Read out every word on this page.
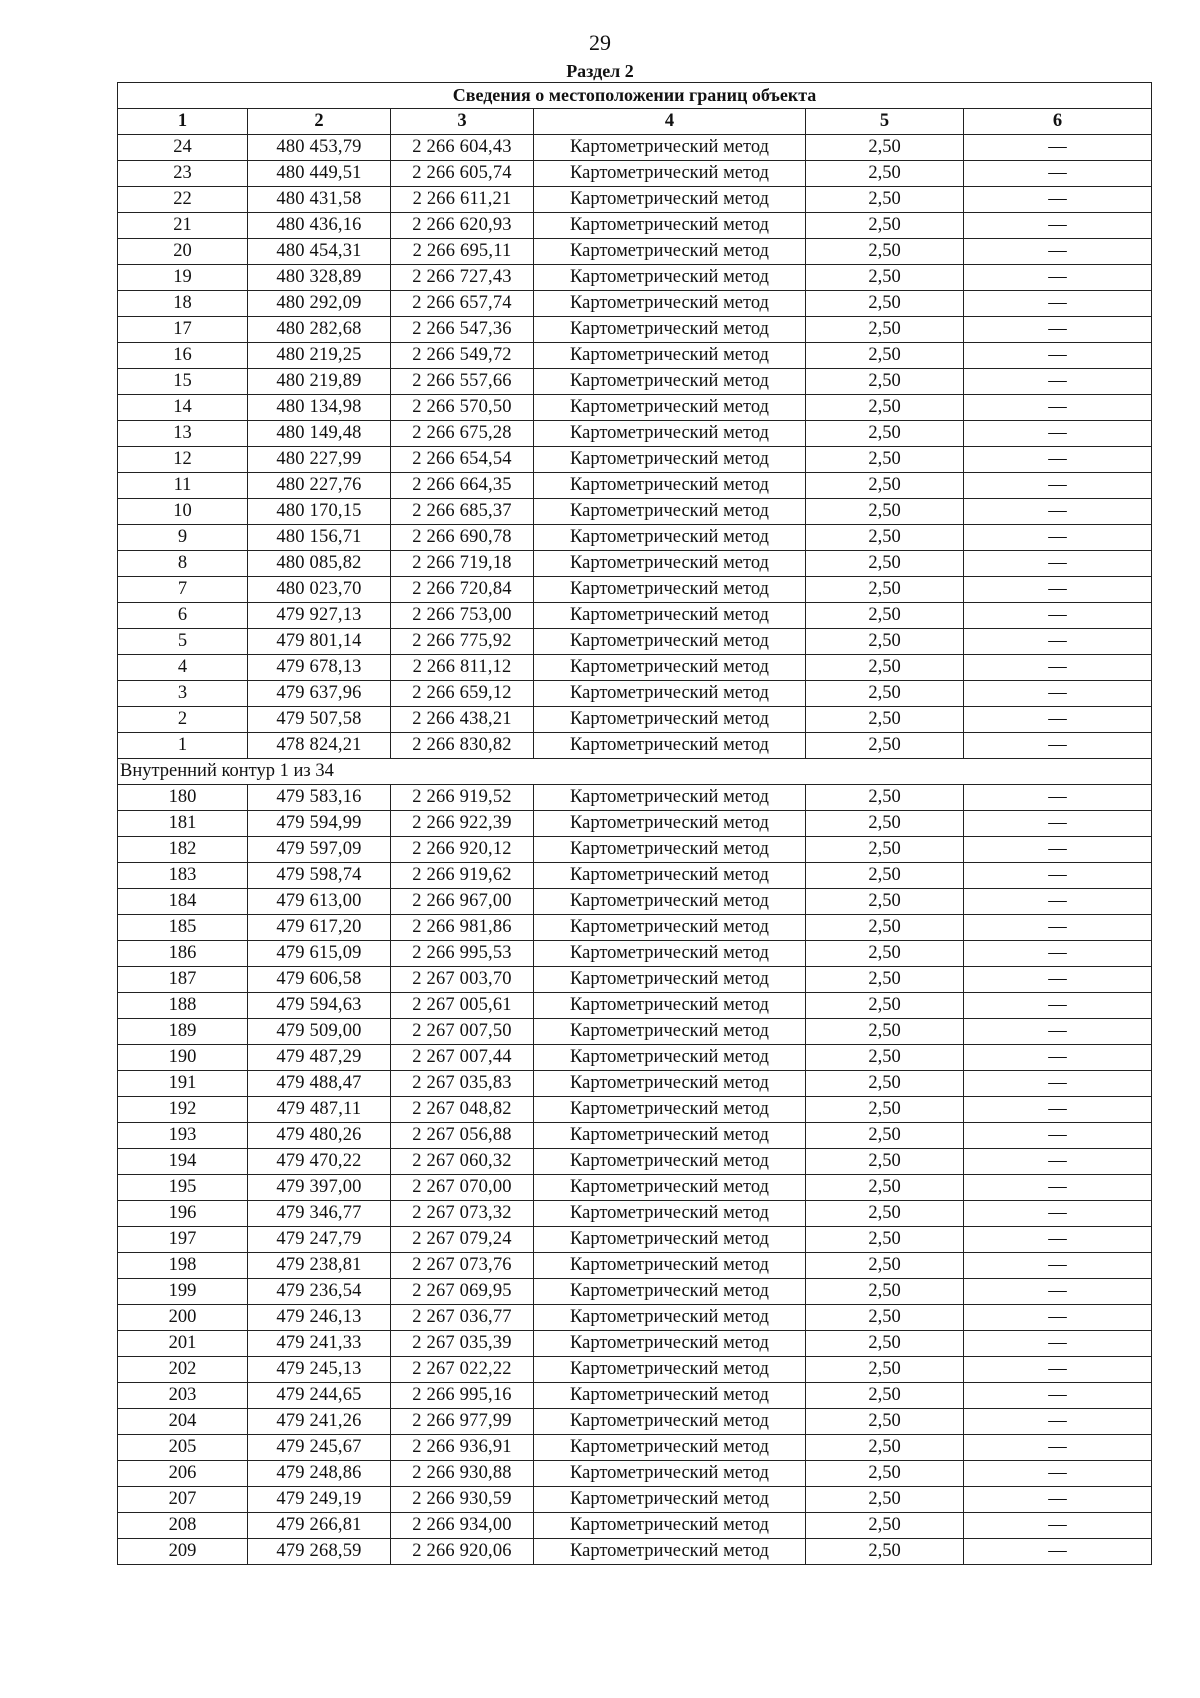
29
Раздел 2
Сведения о местоположении границ объекта					
1	2	3	4	5	6
24	480 453,79	2 266 604,43	Картометрический метод	2,50	—
23	480 449,51	2 266 605,74	Картометрический метод	2,50	—
22	480 431,58	2 266 611,21	Картометрический метод	2,50	—
21	480 436,16	2 266 620,93	Картометрический метод	2,50	—
20	480 454,31	2 266 695,11	Картометрический метод	2,50	—
19	480 328,89	2 266 727,43	Картометрический метод	2,50	—
18	480 292,09	2 266 657,74	Картометрический метод	2,50	—
17	480 282,68	2 266 547,36	Картометрический метод	2,50	—
16	480 219,25	2 266 549,72	Картометрический метод	2,50	—
15	480 219,89	2 266 557,66	Картометрический метод	2,50	—
14	480 134,98	2 266 570,50	Картометрический метод	2,50	—
13	480 149,48	2 266 675,28	Картометрический метод	2,50	—
12	480 227,99	2 266 654,54	Картометрический метод	2,50	—
11	480 227,76	2 266 664,35	Картометрический метод	2,50	—
10	480 170,15	2 266 685,37	Картометрический метод	2,50	—
9	480 156,71	2 266 690,78	Картометрический метод	2,50	—
8	480 085,82	2 266 719,18	Картометрический метод	2,50	—
7	480 023,70	2 266 720,84	Картометрический метод	2,50	—
6	479 927,13	2 266 753,00	Картометрический метод	2,50	—
5	479 801,14	2 266 775,92	Картометрический метод	2,50	—
4	479 678,13	2 266 811,12	Картометрический метод	2,50	—
3	479 637,96	2 266 659,12	Картометрический метод	2,50	—
2	479 507,58	2 266 438,21	Картометрический метод	2,50	—
1	478 824,21	2 266 830,82	Картометрический метод	2,50	—
Внутренний контур 1 из 34					
180	479 583,16	2 266 919,52	Картометрический метод	2,50	—
181	479 594,99	2 266 922,39	Картометрический метод	2,50	—
182	479 597,09	2 266 920,12	Картометрический метод	2,50	—
183	479 598,74	2 266 919,62	Картометрический метод	2,50	—
184	479 613,00	2 266 967,00	Картометрический метод	2,50	—
185	479 617,20	2 266 981,86	Картометрический метод	2,50	—
186	479 615,09	2 266 995,53	Картометрический метод	2,50	—
187	479 606,58	2 267 003,70	Картометрический метод	2,50	—
188	479 594,63	2 267 005,61	Картометрический метод	2,50	—
189	479 509,00	2 267 007,50	Картометрический метод	2,50	—
190	479 487,29	2 267 007,44	Картометрический метод	2,50	—
191	479 488,47	2 267 035,83	Картометрический метод	2,50	—
192	479 487,11	2 267 048,82	Картометрический метод	2,50	—
193	479 480,26	2 267 056,88	Картометрический метод	2,50	—
194	479 470,22	2 267 060,32	Картометрический метод	2,50	—
195	479 397,00	2 267 070,00	Картометрический метод	2,50	—
196	479 346,77	2 267 073,32	Картометрический метод	2,50	—
197	479 247,79	2 267 079,24	Картометрический метод	2,50	—
198	479 238,81	2 267 073,76	Картометрический метод	2,50	—
199	479 236,54	2 267 069,95	Картометрический метод	2,50	—
200	479 246,13	2 267 036,77	Картометрический метод	2,50	—
201	479 241,33	2 267 035,39	Картометрический метод	2,50	—
202	479 245,13	2 267 022,22	Картометрический метод	2,50	—
203	479 244,65	2 266 995,16	Картометрический метод	2,50	—
204	479 241,26	2 266 977,99	Картометрический метод	2,50	—
205	479 245,67	2 266 936,91	Картометрический метод	2,50	—
206	479 248,86	2 266 930,88	Картометрический метод	2,50	—
207	479 249,19	2 266 930,59	Картометрический метод	2,50	—
208	479 266,81	2 266 934,00	Картометрический метод	2,50	—
209	479 268,59	2 266 920,06	Картометрический метод	2,50	—
